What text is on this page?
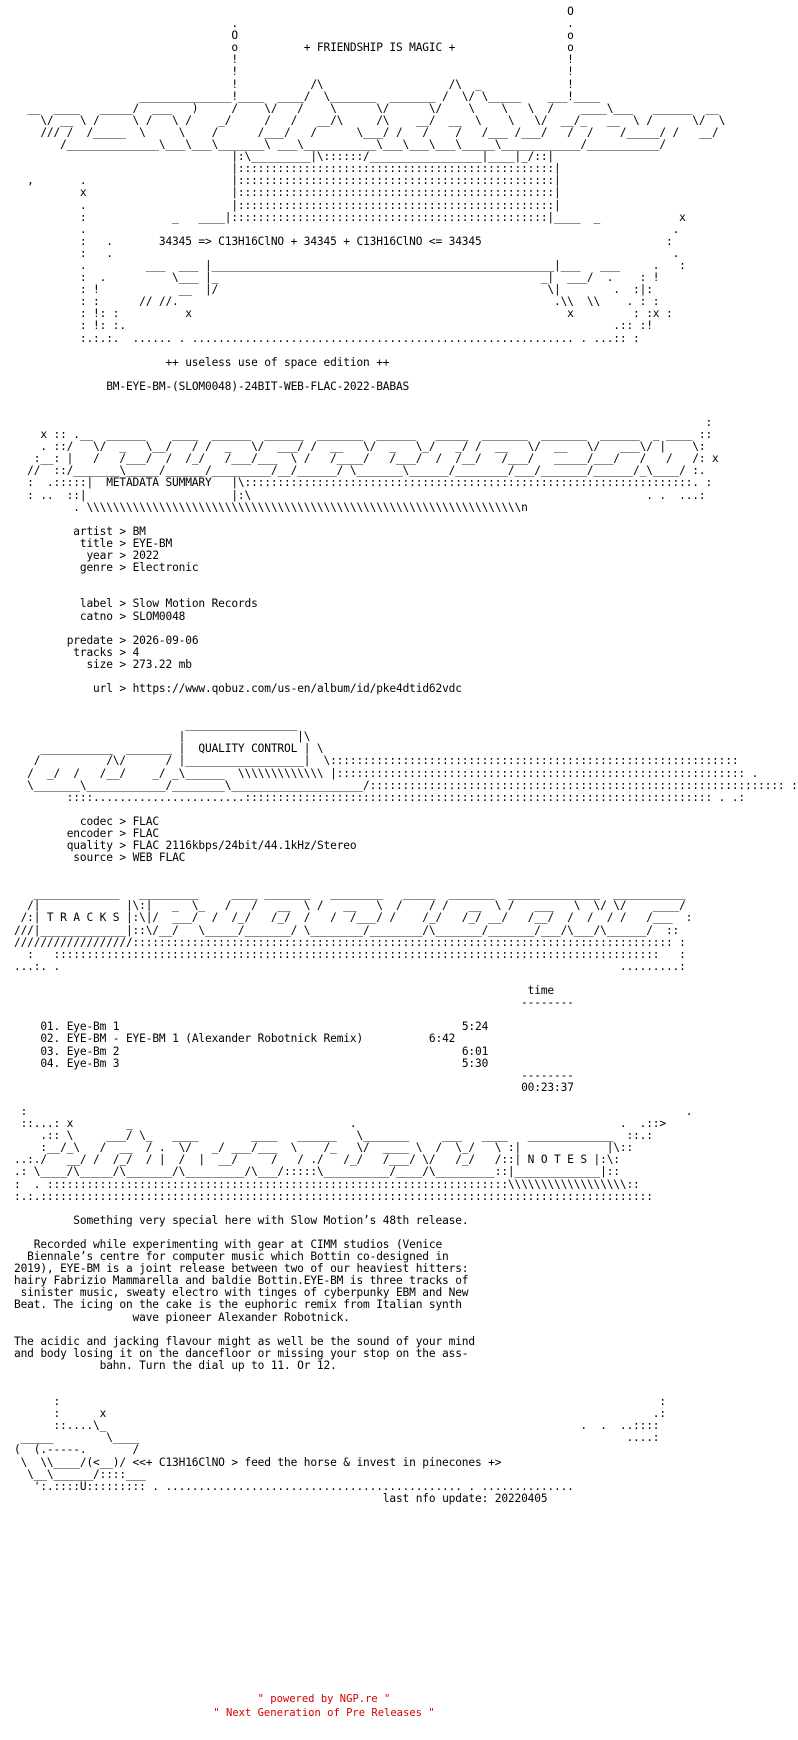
O
.                                                  .
O                                                  o
o          + FRIENDSHIP IS MAGIC +                 o
!                                                  !
!                                                  !
!           /\                   /\  _             !
______________!____  ____/  \_______  _______ /  \/ \_____    ___!____
__  ____   _____/  ___   )     /    \/   /    \      \/      \/    \    \   \  /    ____\___   ______  __
\/ __ \ /     \ /   \ /    _/     /   /   __/\     /\    __/  __  \    \   \/  __/_   __  \ /      \/  \
/// /  /_____  \     \    /      /___/   /      \___/ /   /    /   /___ /___/   /  /    /_____/ /   __/
/______________\___\___\_______\ ___\___________\___\___\___\_____\____________/___________/
|:\_________|\::::::/_________________|____|_/::|
|::::::::::::::::::::::::::::::::::::::::::::::::|
,       .                      |::::::::::::::::::::::::::::::::::::::::::::::::|
x                      |::::::::::::::::::::::::::::::::::::::::::::::::|
.                      |::::::::::::::::::::::::::::::::::::::::::::::::|
:             _   ____|::::::::::::::::::::::::::::::::::::::::::::::::|____  _            x
.                                                                                         .
:   .       34345 => C13H16ClNO + 34345 + C13H16ClNO <= 34345                            :
:   .                                                                                     .
.         ___  ___ |____________________________________________________|___   ___     .   :
:  .          \___ |_                                                 _|  ___/  .    : !
: !            __  |/                                                  \|        .  :|:
: :      // //.                                                         .\\  \\    . : :
: !: :          x                                                         x         : :x :
: !: :.                                                                          .:: :!
:.:.:.  ...... . .......................................................... . ...:: :

++ useless use of space edition ++
BM-EYE-BM-(SLOM0048)-24BIT-WEB-FLAC-2022-BABAS
:
x :: .__  ______    ____  ______  ______  _______  ______   _____  _______  _______  ______  _ ____ ::
. ::/   \/  _   \__/   / /  _   \/  ___/ /  __   \/  _   \_/   _/ /  __   \/  __   \/   ___\/ |    \:
:__: |   /   /___/  /  /_/   /___/___  \ /   /____/   /___/  /  /__/   /___/   _____/___/   /   /   /: x
//  ::/_______\_____/______/_________/__/______/ \_______\______/________/___/_______/______/_\____/ :.
:  .:::::|  METADATA SUMMARY   |\::::::::::::::::::::::::::::::::::::::::::::::::::::::::::::::::::::. :
: ..  ::|                      |:\                                                            . .  ...:
. \\\\\\\\\\\\\\\\\\\\\\\\\\\\\\\\\\\\\\\\\\\\\\\\\\\\\\\\\\\\\\\\\\n
artist > BM
title > EYE-BM
year > 2022
genre > Electronic

label > Slow Motion Records
catno > SLOM0048

predate > 2026-09-06
tracks > 4
size > 273.22 mb

url > https://www.qobuz.com/us-en/album/id/pke4dtid62vdc
_________________
|                 |\
___________  _______ |  QUALITY CONTROL | \
/          /\/      / |__________________|  \::::::::::::::::::::::::::::::::::::::::::::::::::::::::::::::
/  _/  /   /__/    _/ _\______  \\\\\\\\\\\\\ |:::::::::::::::::::::::::::::::::::::::::::::::::::::::::::::: .
\_______\____________/________\____________________/::::::::::::::::::::::::::::::::::::::::::::::::::::::::::::::: :
::::.......................::::::::::::::::::::::::::::::::::::::::::::::::::::::::::::::::::::::: . .:

codec > FLAC
encoder > FLAC
quality > FLAC 2116kbps/24bit/44.1kHz/Stereo
source > WEB FLAC
_____________   _________     ____ _______   ________   _____  _______  ______________  ___________
/|             |\:|   _  \_   /   /   __  \ /   __   \  /    / /   __  \ /   ___   \  \/ \/    ____/
/:| T R A C K S |:\|/  ___/  /  /_/   /_/  /   /  /___/ /    /_/   /_/ __/   /__/  /  /  / /   /___  :
///|_____________|::\/__/   \_____/_______/ \________/________/\_______/_______/___/\___/\______/  ::
//////////////////:::::::::::::::::::::::::::::::::::::::::::::::::::::::::::::::::::::::::::::::::: :
:   ::::::::::::::::::::::::::::::::::::::::::::::::::::::::::::::::::::::::::::::::::::::::::::   :
...:. .                                                                                     .........:

time
--------

01. Eye-Bm 1	5:24
02. EYE-BM - EYE-BM 1 (Alexander Robotnick Remix)	6:42
03. Eye-Bm 2	6:01
04. Eye-Bm 3	5:30
--------
00:23:37
:                                                                                                    .
::...: x        _                                 .                                        .  .::>
.:: \     ___/ \_   ____        ____   ______   \_______     ___   ____   _____________  ::.:
:__/_\   /  __  / .  \/   _/ ___/___  \    /_   \/  ____ \  /  \_/   \ :|             |\::
..:./   __/ /  /_/  / |  /  |  __/     /   / ./   /_/   /___/ \/   /_/   /::| N O T E S |:\:
.: \____/\_____/\_______/\_________/\___/:::::\__________/____/\_________::|_____________|::
:  . ::::::::::::::::::::::::::::::::::::::::::::::::::::::::::::::::::::::\\\\\\\\\\\\\\\\\\::
:.:.:::::::::::::::::::::::::::::::::::::::::::::::::::::::::::::::::::::::::::::::::::::::::::::

Something very special here with Slow Motion’s 48th release.
Recorded while experimenting with gear at CIMM studios (Venice
Biennale’s centre for computer music which Bottin co-designed in
2019), EYE-BM is a joint release between two of our heaviest hitters:
hairy Fabrizio Mammarella and baldie Bottin.EYE-BM is three tracks of
sinister music, sweaty electro with tinges of cyberpunky EBM and New
Beat. The icing on the cake is the euphoric remix from Italian synth
wave pioneer Alexander Robotnick.
The acidic and jacking flavour might as well be the sound of your mind
and body losing it on the dancefloor or missing your stop on the ass-
bahn. Turn the dial up to 11. Or 12.
:                                                                                           :
:      x                                                                                   .:
::....\_                                                                        .  .  ..::::
_____        \____                                                                          ....:
(  (.-----.       /
\  \\____/(<__)/ <<+ C13H16ClNO > feed the horse & invest in pinecones +>
\__\______/::::___
':.::::U::::::::: . ............................................. . ..............

last nfo update: 20220405
" powered by NGP.re "
" Next Generation of Pre Releases "
